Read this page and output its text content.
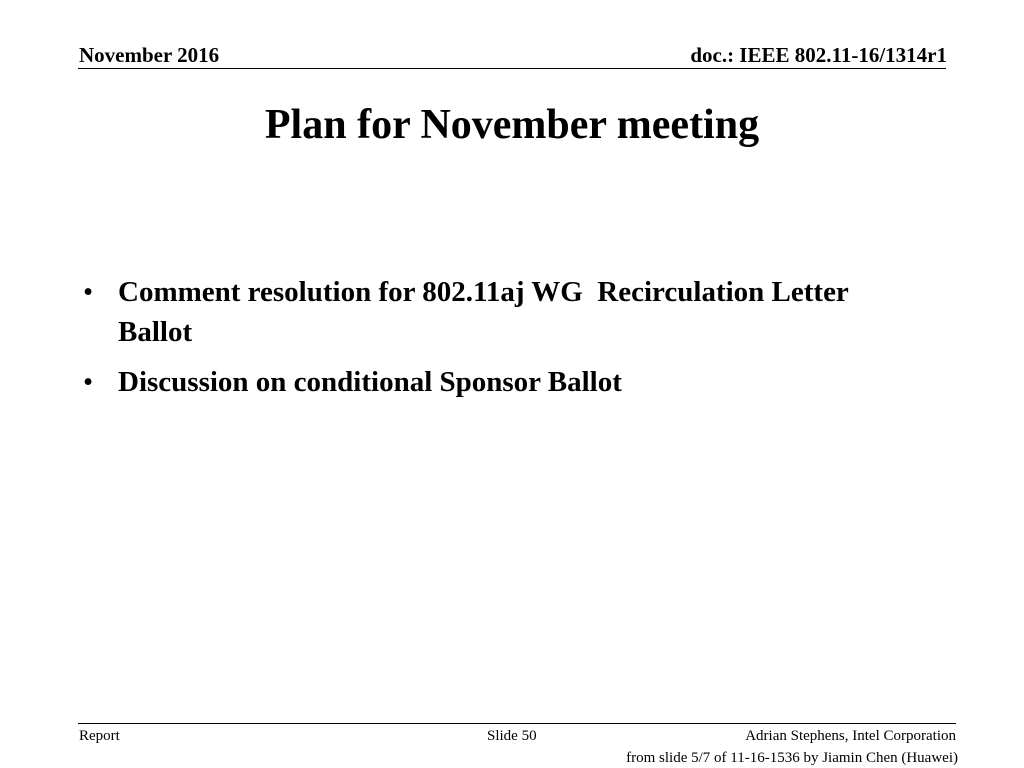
November 2016	doc.: IEEE 802.11-16/1314r1
Plan for November meeting
• Comment resolution for 802.11aj WG  Recirculation Letter Ballot
• Discussion on conditional Sponsor Ballot
Report	Slide 50	Adrian Stephens, Intel Corporation
from slide 5/7 of 11-16-1536 by Jiamin Chen (Huawei)
